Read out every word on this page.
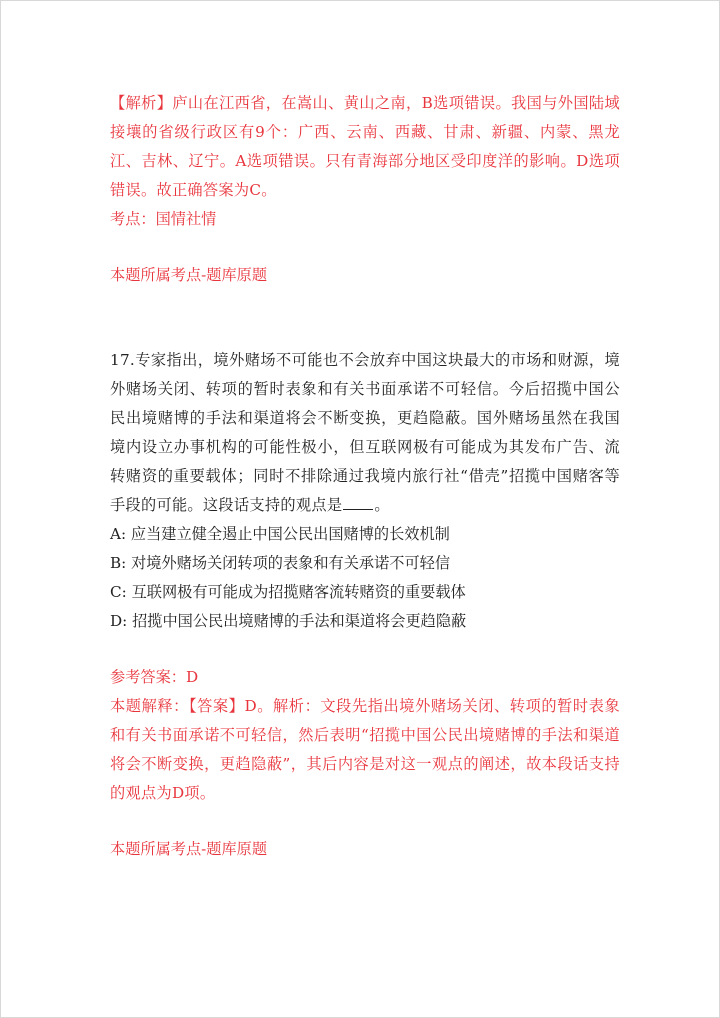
【解析】庐山在江西省，在嵩山、黄山之南，B选项错误。我国与外国陆域接壤的省级行政区有9个：广西、云南、西藏、甘肃、新疆、内蒙、黑龙江、吉林、辽宁。A选项错误。只有青海部分地区受印度洋的影响。D选项错误。故正确答案为C。

考点：国情社情

本题所属考点-题库原题

17.专家指出，境外赌场不可能也不会放弃中国这块最大的市场和财源，境外赌场关闭、转项的暂时表象和有关书面承诺不可轻信。今后招揽中国公民出境赌博的手法和渠道将会不断变换，更趋隐蔽。国外赌场虽然在我国境内设立办事机构的可能性极小，但互联网极有可能成为其发布广告、流转赌资的重要载体；同时不排除通过我境内旅行社“借壳”招揽中国赌客等手段的可能。这段话支持的观点是 。

A: 应当建立健全遏止中国公民出国赌博的长效机制

B: 对境外赌场关闭转项的表象和有关承诺不可轻信

C: 互联网极有可能成为招揽赌客流转赌资的重要载体

D: 招揽中国公民出境赌博的手法和渠道将会更趋隐蔽

参考答案：D

本题解释：【答案】D。解析：文段先指出境外赌场关闭、转项的暂时表象和有关书面承诺不可轻信，然后表明“招揽中国公民出境赌博的手法和渠道将会不断变换，更趋隐蔽”，其后内容是对这一观点的阐述，故本段话支持的观点为D项。

本题所属考点-题库原题
